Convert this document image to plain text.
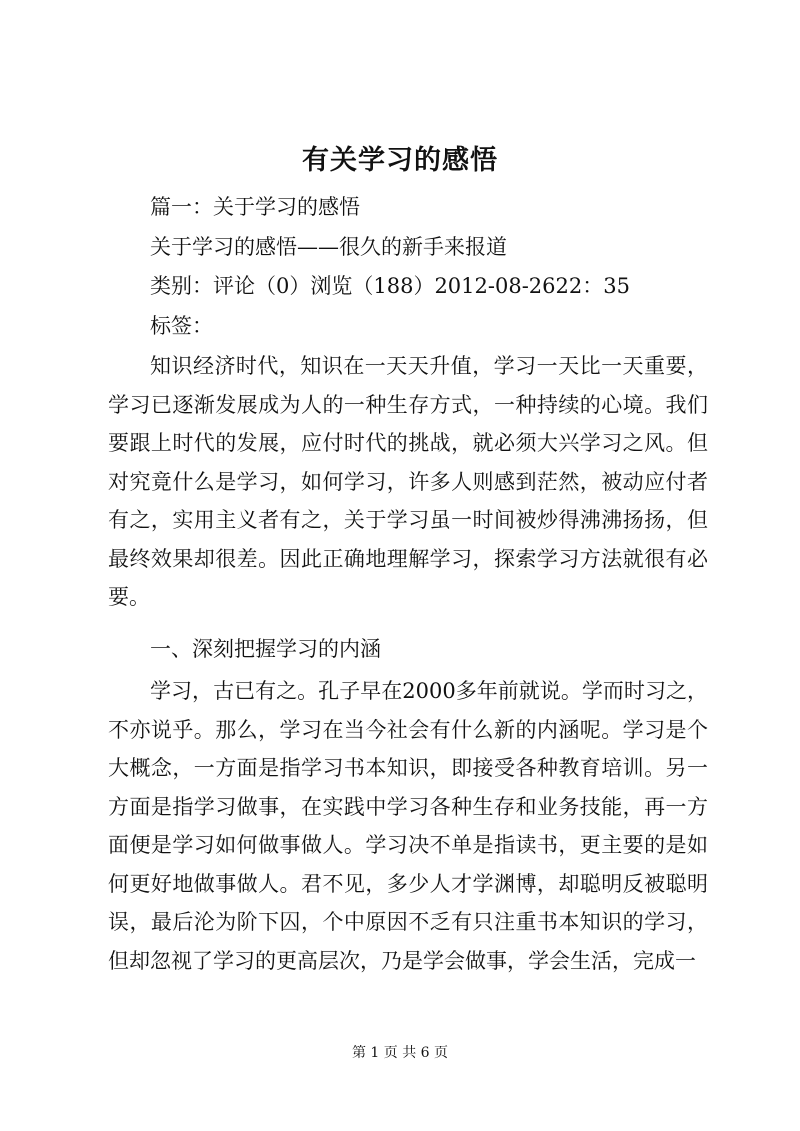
有关学习的感悟
篇一：关于学习的感悟
关于学习的感悟——很久的新手来报道
类别：评论（0）浏览（188）2012-08-2622：35
标签：

知识经济时代，知识在一天天升值，学习一天比一天重要，学习已逐渐发展成为人的一种生存方式，一种持续的心境。我们要跟上时代的发展，应付时代的挑战，就必须大兴学习之风。但对究竟什么是学习，如何学习，许多人则感到茫然，被动应付者有之，实用主义者有之，关于学习虽一时间被炒得沸沸扬扬，但最终效果却很差。因此正确地理解学习，探索学习方法就很有必要。

一、深刻把握学习的内涵

学习，古已有之。孔子早在2000多年前就说。学而时习之，不亦说乎。那么，学习在当今社会有什么新的内涵呢。学习是个大概念，一方面是指学习书本知识，即接受各种教育培训。另一方面是指学习做事，在实践中学习各种生存和业务技能，再一方面便是学习如何做事做人。学习决不单是指读书，更主要的是如何更好地做事做人。君不见，多少人才学渊博，却聪明反被聪明误，最后沦为阶下囚，个中原因不乏有只注重书本知识的学习，但却忽视了学习的更高层次，乃是学会做事，学会生活，完成一

第 1 页 共 6 页
